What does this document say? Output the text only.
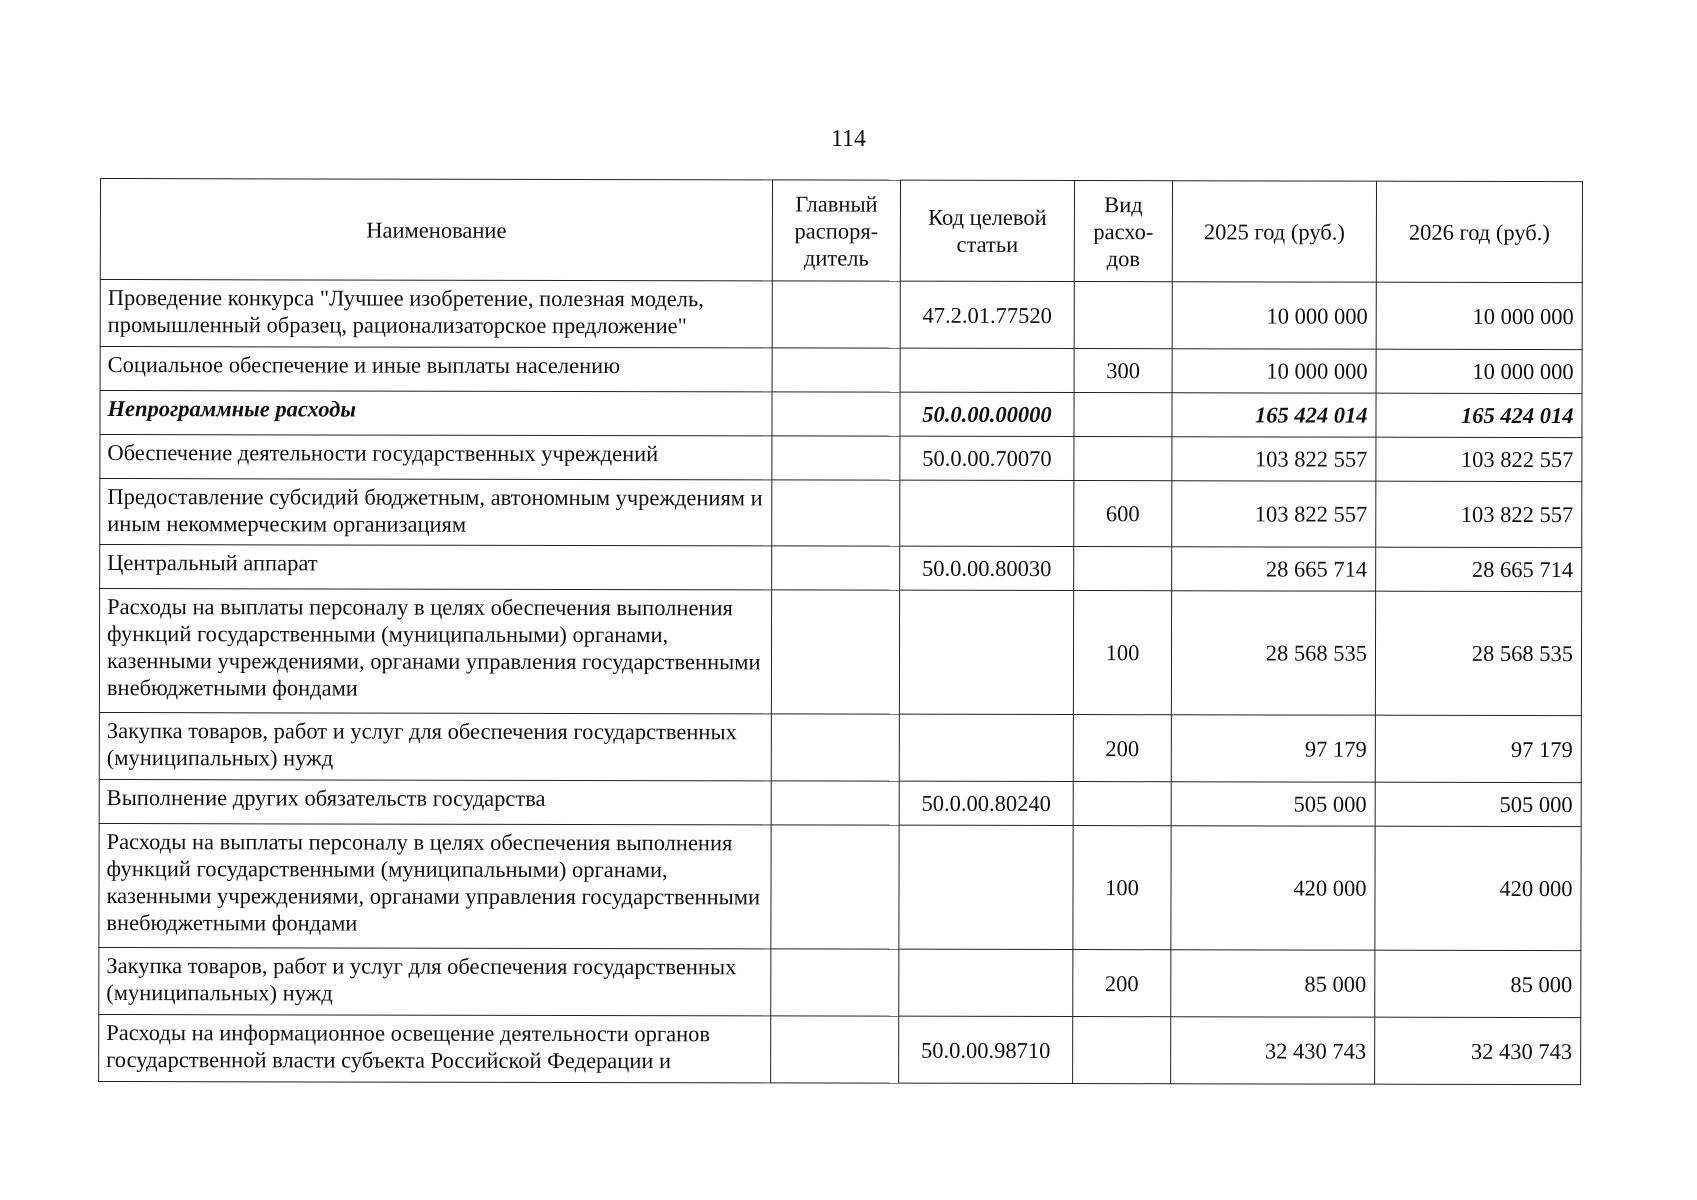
114
Наименование	Главный распоря-дитель	Код целевой статьи	Вид расхо-дов	2025 год (руб.)	2026 год (руб.)
Проведение конкурса "Лучшее изобретение, полезная модель, промышленный образец, рационализаторское предложение"		47.2.01.77520		10 000 000	10 000 000
Социальное обеспечение и иные выплаты населению			300	10 000 000	10 000 000
Непрограммные расходы		50.0.00.00000		165 424 014	165 424 014
Обеспечение деятельности государственных учреждений		50.0.00.70070		103 822 557	103 822 557
Предоставление субсидий бюджетным, автономным учреждениям и иным некоммерческим организациям			600	103 822 557	103 822 557
Центральный аппарат		50.0.00.80030		28 665 714	28 665 714
Расходы на выплаты персоналу в целях обеспечения выполнения функций государственными (муниципальными) органами, казенными учреждениями, органами управления государственными внебюджетными фондами			100	28 568 535	28 568 535
Закупка товаров, работ и услуг для обеспечения государственных (муниципальных) нужд			200	97 179	97 179
Выполнение других обязательств государства		50.0.00.80240		505 000	505 000
Расходы на выплаты персоналу в целях обеспечения выполнения функций государственными (муниципальными) органами, казенными учреждениями, органами управления государственными внебюджетными фондами			100	420 000	420 000
Закупка товаров, работ и услуг для обеспечения государственных (муниципальных) нужд			200	85 000	85 000
Расходы на информационное освещение деятельности органов государственной власти субъекта Российской Федерации и		50.0.00.98710		32 430 743	32 430 743
